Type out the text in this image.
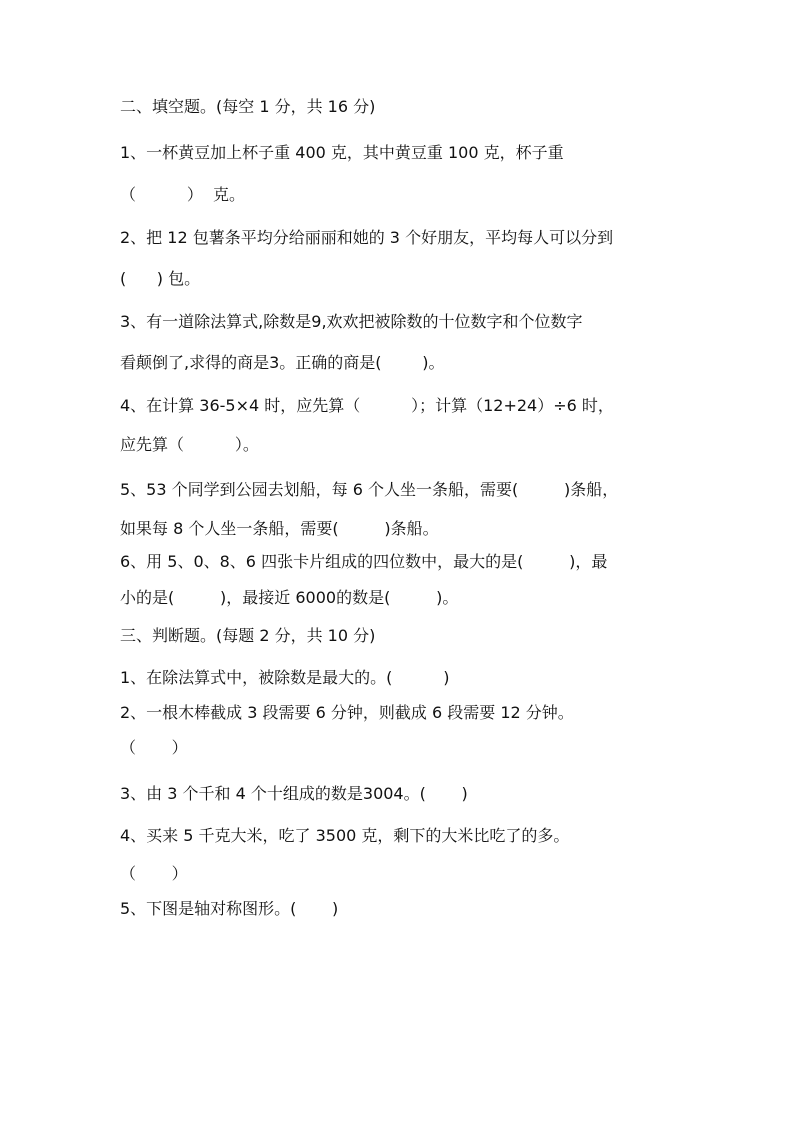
二、填空题。(每空 1 分，共 16 分)
1、一杯黄豆加上杯子重 400 克，其中黄豆重 100 克，杯子重
（          ）  克。
2、把 12 包薯条平均分给丽丽和她的 3 个好朋友，平均每人可以分到
(      ) 包。
3、有一道除法算式,除数是9,欢欢把被除数的十位数字和个位数字
看颠倒了,求得的商是3。正确的商是(        )。
4、在计算 36-5×4 时，应先算（          ）；计算（12+24）÷6 时，
应先算（          ）。
5、53 个同学到公园去划船，每 6 个人坐一条船，需要(         )条船，
如果每 8 个人坐一条船，需要(         )条船。
6、用 5、0、8、6 四张卡片组成的四位数中，最大的是(         )，最
小的是(         )，最接近 6000的数是(         )。
三、判断题。(每题 2 分，共 10 分)
1、在除法算式中，被除数是最大的。(          )
2、一根木棒截成 3 段需要 6 分钟，则截成 6 段需要 12 分钟。
（       ）
3、由 3 个千和 4 个十组成的数是3004。(       )
4、买来 5 千克大米，吃了 3500 克，剩下的大米比吃了的多。
（       ）
5、下图是轴对称图形。(       )
